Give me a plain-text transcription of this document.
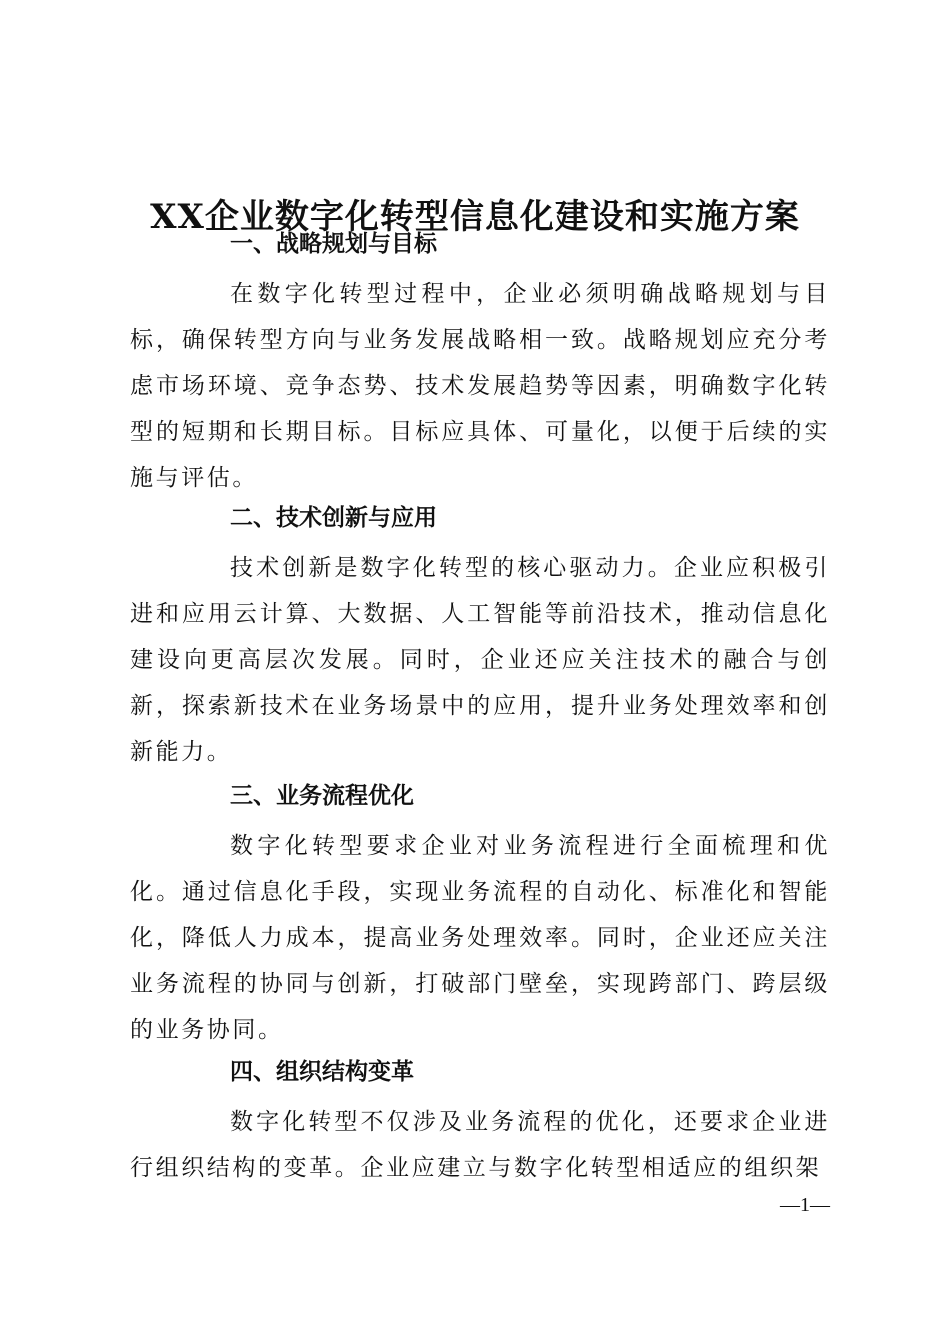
XX企业数字化转型信息化建设和实施方案
一、战略规划与目标

在数字化转型过程中，企业必须明确战略规划与目标，确保转型方向与业务发展战略相一致。战略规划应充分考虑市场环境、竞争态势、技术发展趋势等因素，明确数字化转型的短期和长期目标。目标应具体、可量化，以便于后续的实施与评估。

二、技术创新与应用

技术创新是数字化转型的核心驱动力。企业应积极引进和应用云计算、大数据、人工智能等前沿技术，推动信息化建设向更高层次发展。同时，企业还应关注技术的融合与创新，探索新技术在业务场景中的应用，提升业务处理效率和创新能力。

三、业务流程优化

数字化转型要求企业对业务流程进行全面梳理和优化。通过信息化手段，实现业务流程的自动化、标准化和智能化，降低人力成本，提高业务处理效率。同时，企业还应关注业务流程的协同与创新，打破部门壁垒，实现跨部门、跨层级的业务协同。

四、组织结构变革

数字化转型不仅涉及业务流程的优化，还要求企业进行组织结构的变革。企业应建立与数字化转型相适应的组织架

—1—
